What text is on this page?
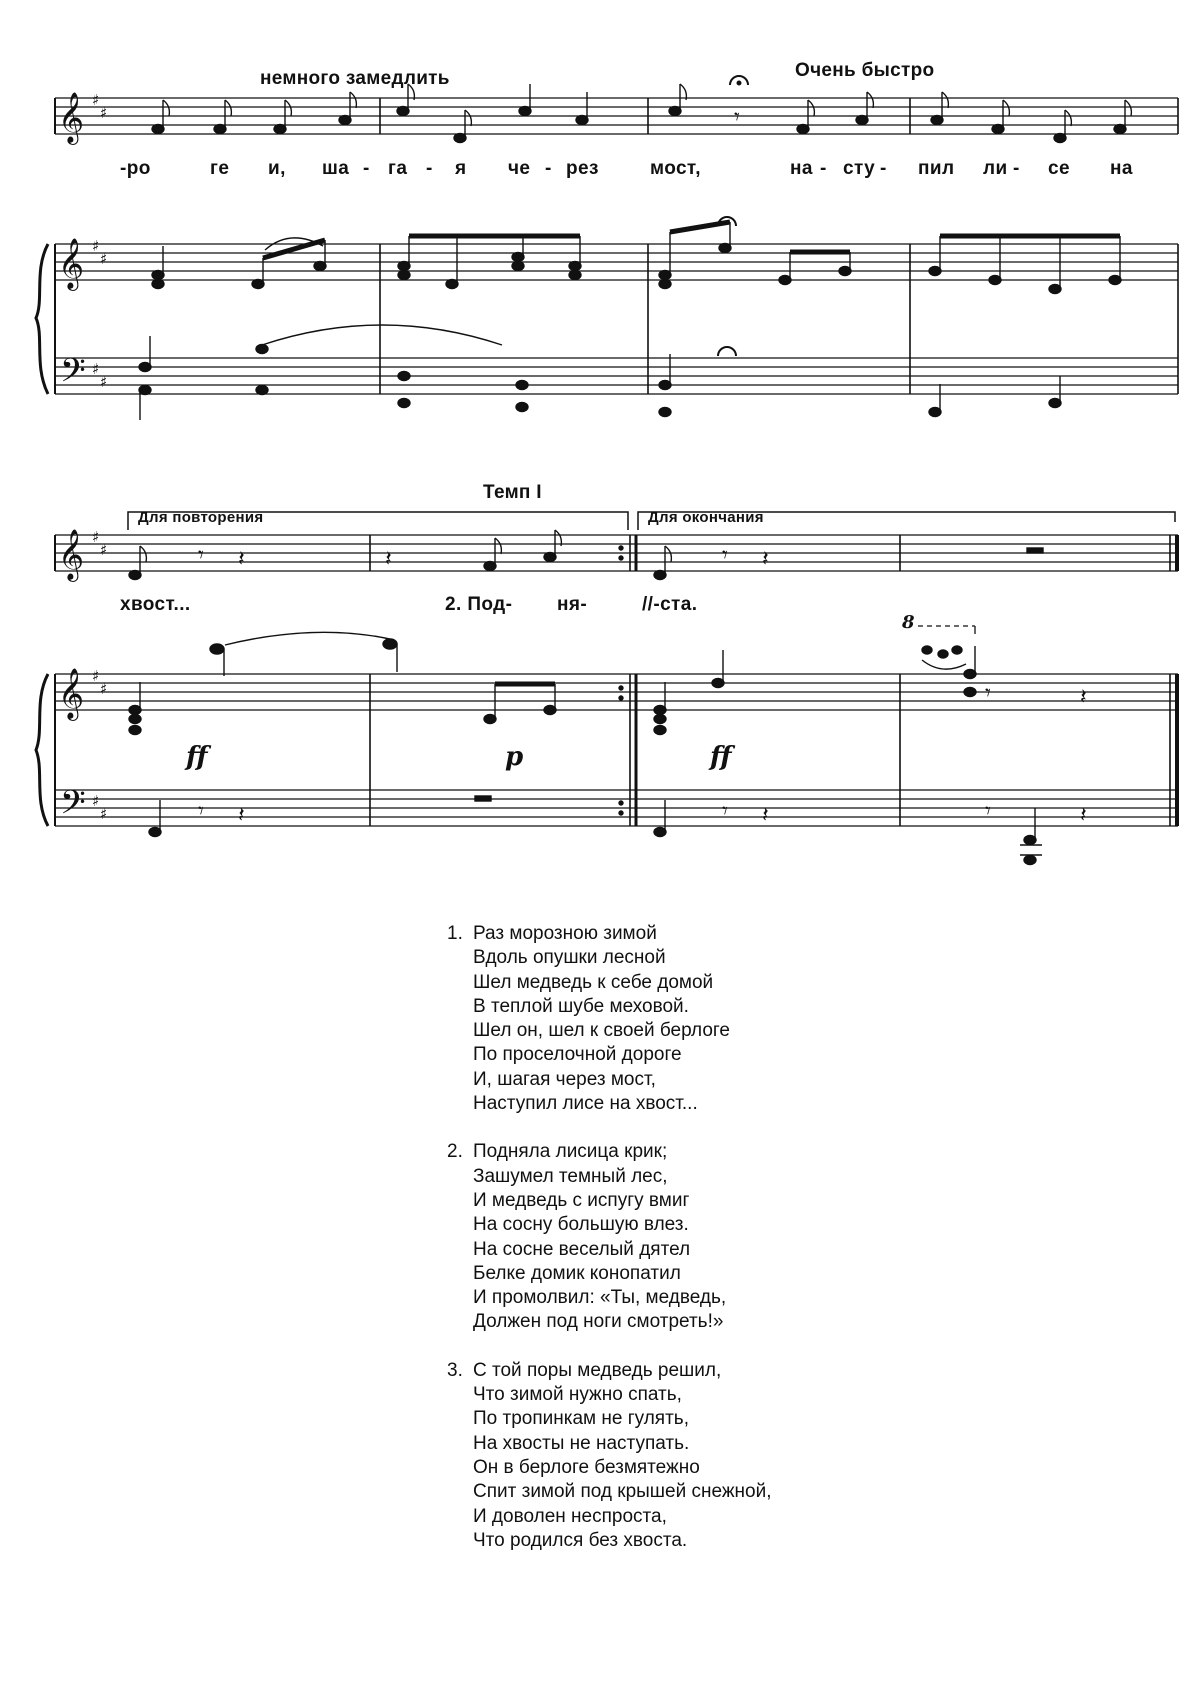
немного замедлить	Очень быстро
Темп I
Для повторения	Для окончания
𝄞
𝄞
𝄢
𝄞
𝄞
𝄢
♯
♯
♯
♯
♯
♯
♯
♯
♯
♯
♯
♯
𝄾
𝄾 𝄽	𝄽	𝄾 𝄽
𝄾 𝄽	𝄾 𝄽	𝄾	𝄽
𝄾	𝄽
-ро	ге и, ша - га - я че - рез	мост,	на - сту - пил ли - се на
хвост...	2. Под- ня-	//-ста.
ff	p	ff
8
1. Раз морозною зимой
Вдоль опушки лесной
Шел медведь к себе домой
В теплой шубе меховой.
Шел он, шел к своей берлоге
По проселочной дороге
И, шагая через мост,
Наступил лисе на хвост...
2. Подняла лисица крик;
Зашумел темный лес,
И медведь с испугу вмиг
На сосну большую влез.
На сосне веселый дятел
Белке домик конопатил
И промолвил: «Ты, медведь,
Должен под ноги смотреть!»
3. С той поры медведь решил,
Что зимой нужно спать,
По тропинкам не гулять,
На хвосты не наступать.
Он в берлоге безмятежно
Спит зимой под крышей снежной,
И доволен неспроста,
Что родился без хвоста.
